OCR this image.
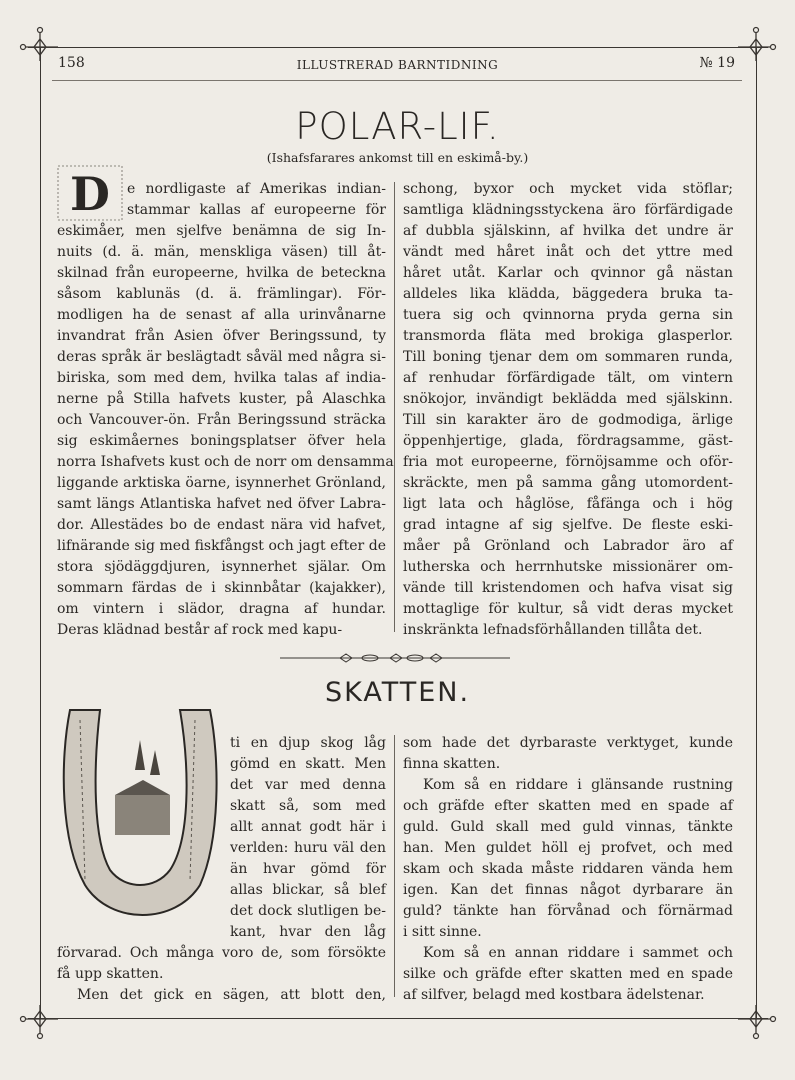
158	ILLUSTRERAD BARNTIDNING	№ 19
POLAR-LIF.
(Ishafsfarares ankomst till en eskimå-by.)
D	e nordligaste af Amerikas indian-
stammar kallas af europeerne för
eskimåer, men sjelfve benämna de sig In-
nuits (d. ä. män, menskliga väsen) till åt-
skilnad från europeerne, hvilka de beteckna
såsom kablunäs (d. ä. främlingar). För-
modligen ha de senast af alla urinvånarne
invandrat från Asien öfver Beringssund, ty
deras språk är beslägtadt såväl med några si-
biriska, som med dem, hvilka talas af india-
nerne på Stilla hafvets kuster, på Alaschka
och Vancouver-ön. Från Beringssund sträcka
sig eskimåernes boningsplatser öfver hela
norra Ishafvets kust och de norr om densamma
liggande arktiska öarne, isynnerhet Grönland,
samt längs Atlantiska hafvet ned öfver Labra-
dor. Allestädes bo de endast nära vid hafvet,
lifnärande sig med fiskfångst och jagt efter de
stora sjödäggdjuren, isynnerhet själar. Om
sommarn färdas de i skinnbåtar (kajakker),
om vintern i slädor, dragna af hundar.
Deras klädnad består af rock med kapu-
schong, byxor och mycket vida stöflar;
samtliga klädningsstyckena äro förfärdigade
af dubbla själskinn, af hvilka det undre är
vändt med håret inåt och det yttre med
håret utåt. Karlar och qvinnor gå nästan
alldeles lika klädda, bäggedera bruka ta-
tuera sig och qvinnorna pryda gerna sin
transmorda fläta med brokiga glasperlor.
Till boning tjenar dem om sommaren runda,
af renhudar förfärdigade tält, om vintern
snökojor, invändigt beklädda med själskinn.
Till sin karakter äro de godmodiga, ärlige
öppenhjertige, glada, fördragsamme, gäst-
fria mot europeerne, förnöjsamme och oför-
skräckte, men på samma gång utomordent-
ligt lata och håglöse, fåfänga och i hög
grad intagne af sig sjelfve. De fleste eski-
måer på Grönland och Labrador äro af
lutherska och herrnhutske missionärer om-
vände till kristendomen och hafva visat sig
mottaglige för kultur, så vidt deras mycket
inskränkta lefnadsförhållanden tillåta det.
SKATTEN.
ti en djup skog låg
gömd en skatt. Men
det var med denna
skatt så, som med
allt annat godt här i
verlden: huru väl den
än hvar gömd för
allas blickar, så blef
det dock slutligen be-
kant, hvar den låg
förvarad. Och många voro de, som försökte
få upp skatten.
Men det gick en sägen, att blott den,
som hade det dyrbaraste verktyget, kunde
finna skatten.
Kom så en riddare i glänsande rustning
och gräfde efter skatten med en spade af
guld. Guld skall med guld vinnas, tänkte
han. Men guldet höll ej profvet, och med
skam och skada måste riddaren vända hem
igen. Kan det finnas något dyrbarare än
guld? tänkte han förvånad och förnärmad
i sitt sinne.
Kom så en annan riddare i sammet och
silke och gräfde efter skatten med en spade
af silfver, belagd med kostbara ädelstenar.
